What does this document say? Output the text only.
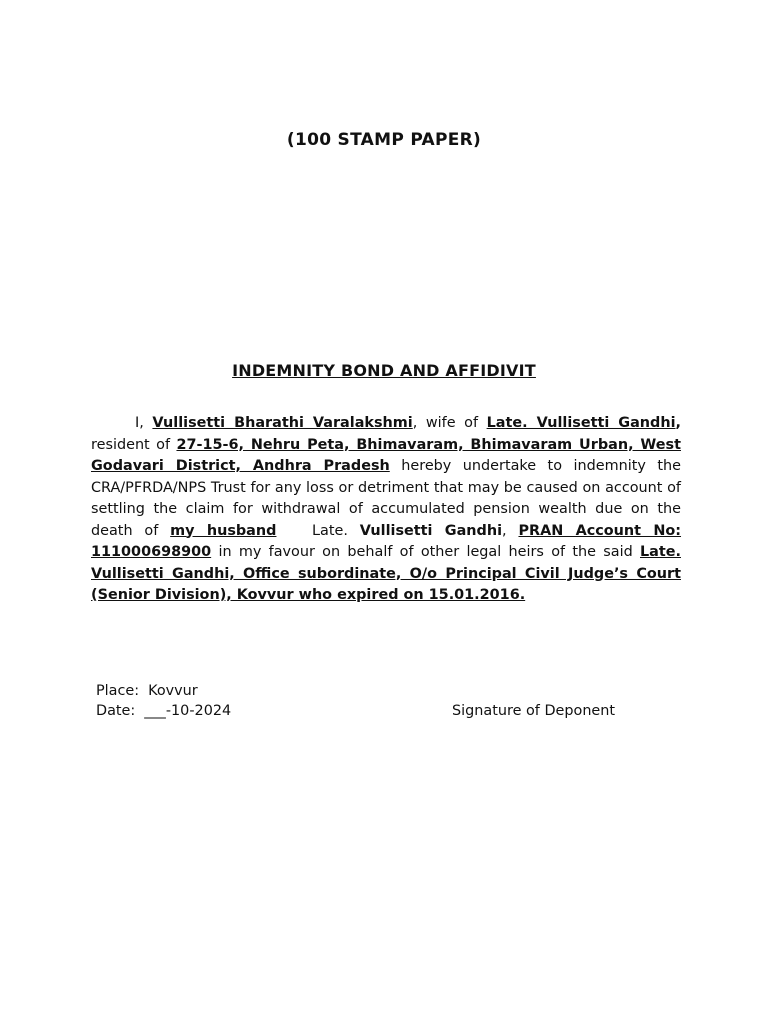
(100 STAMP PAPER)
INDEMNITY BOND AND AFFIDIVIT
I, Vullisetti Bharathi Varalakshmi, wife of Late. Vullisetti Gandhi, resident of 27-15-6, Nehru Peta, Bhimavaram, Bhimavaram Urban, West Godavari District, Andhra Pradesh hereby undertake to indemnity the CRA/PFRDA/NPS Trust for any loss or detriment that may be caused on account of settling the claim for withdrawal of accumulated pension wealth due on the death of my husband   Late. Vullisetti Gandhi, PRAN Account No: 111000698900 in my favour on behalf of other legal heirs of the said Late. Vullisetti Gandhi, Office subordinate, O/o Principal Civil Judge’s Court (Senior Division), Kovvur who expired on 15.01.2016.
Place: Kovvur
Date: ___-10-2024	Signature of Deponent
